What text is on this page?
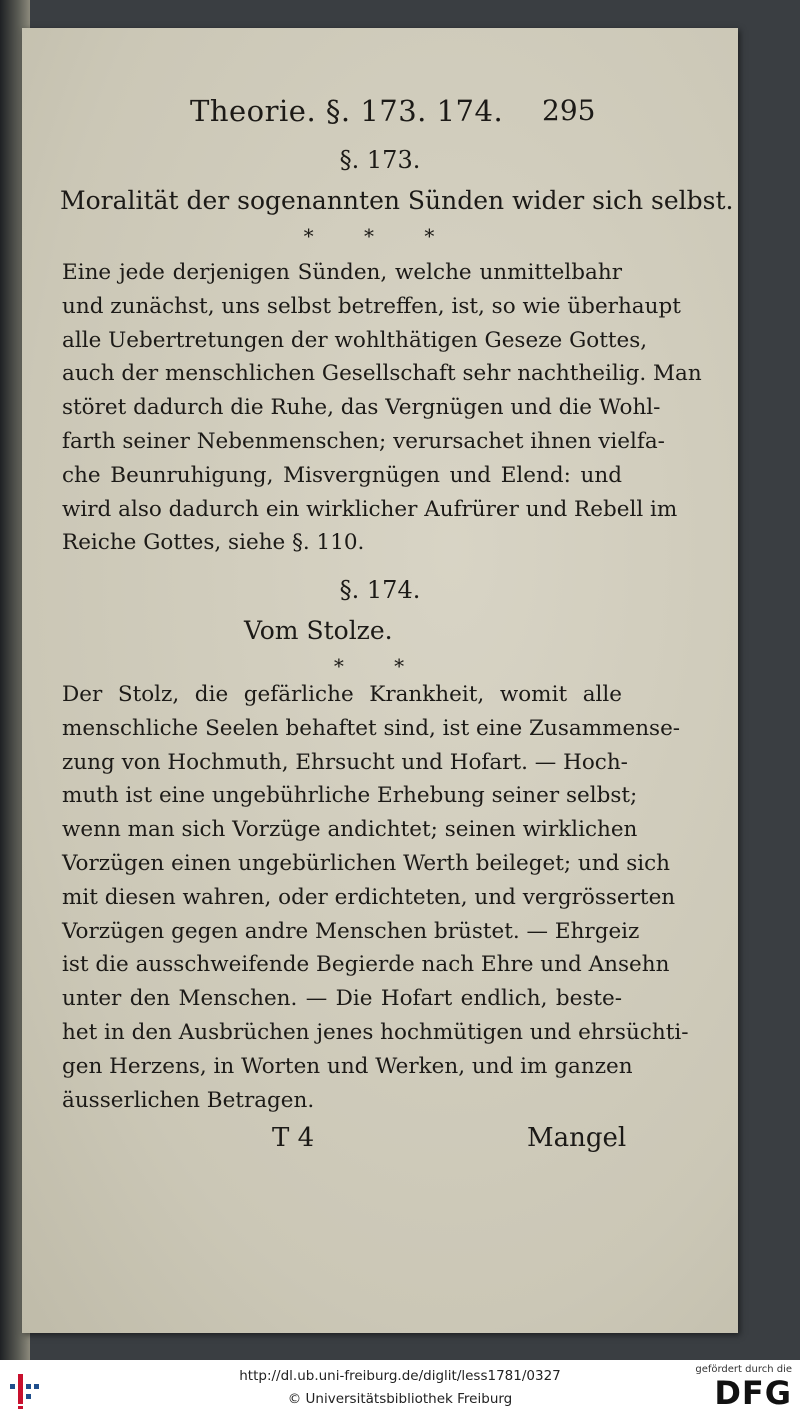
Theorie. §. 173. 174.	295

§. 173.

Moralität der sogenannten Sünden wider sich selbst.

* * *

Eine jede derjenigen Sünden, welche unmittelbahr
und zunächst, uns selbst betreffen, ist, so wie überhaupt
alle Uebertretungen der wohlthätigen Geseze Gottes,
auch der menschlichen Gesellschaft sehr nachtheilig. Man
störet dadurch die Ruhe, das Vergnügen und die Wohl-
farth seiner Nebenmenschen; verursachet ihnen vielfa-
che Beunruhigung, Misvergnügen und Elend: und
wird also dadurch ein wirklicher Aufrürer und Rebell im
Reiche Gottes, siehe §. 110.

§. 174.

Vom Stolze.

* *

Der Stolz, die gefärliche Krankheit, womit alle
menschliche Seelen behaftet sind, ist eine Zusammense-
zung von Hochmuth, Ehrsucht und Hofart. — Hoch-
muth ist eine ungebührliche Erhebung seiner selbst;
wenn man sich Vorzüge andichtet; seinen wirklichen
Vorzügen einen ungebürlichen Werth beileget; und sich
mit diesen wahren, oder erdichteten, und vergrösserten
Vorzügen gegen andre Menschen brüstet. — Ehrgeiz
ist die ausschweifende Begierde nach Ehre und Ansehn
unter den Menschen. — Die Hofart endlich, beste-
het in den Ausbrüchen jenes hochmütigen und ehrsüchti-
gen Herzens, in Worten und Werken, und im ganzen
äusserlichen Betragen.

T 4	Mangel

http://dl.ub.uni-freiburg.de/diglit/less1781/0327
© Universitätsbibliothek Freiburg
gefördert durch die
DFG
